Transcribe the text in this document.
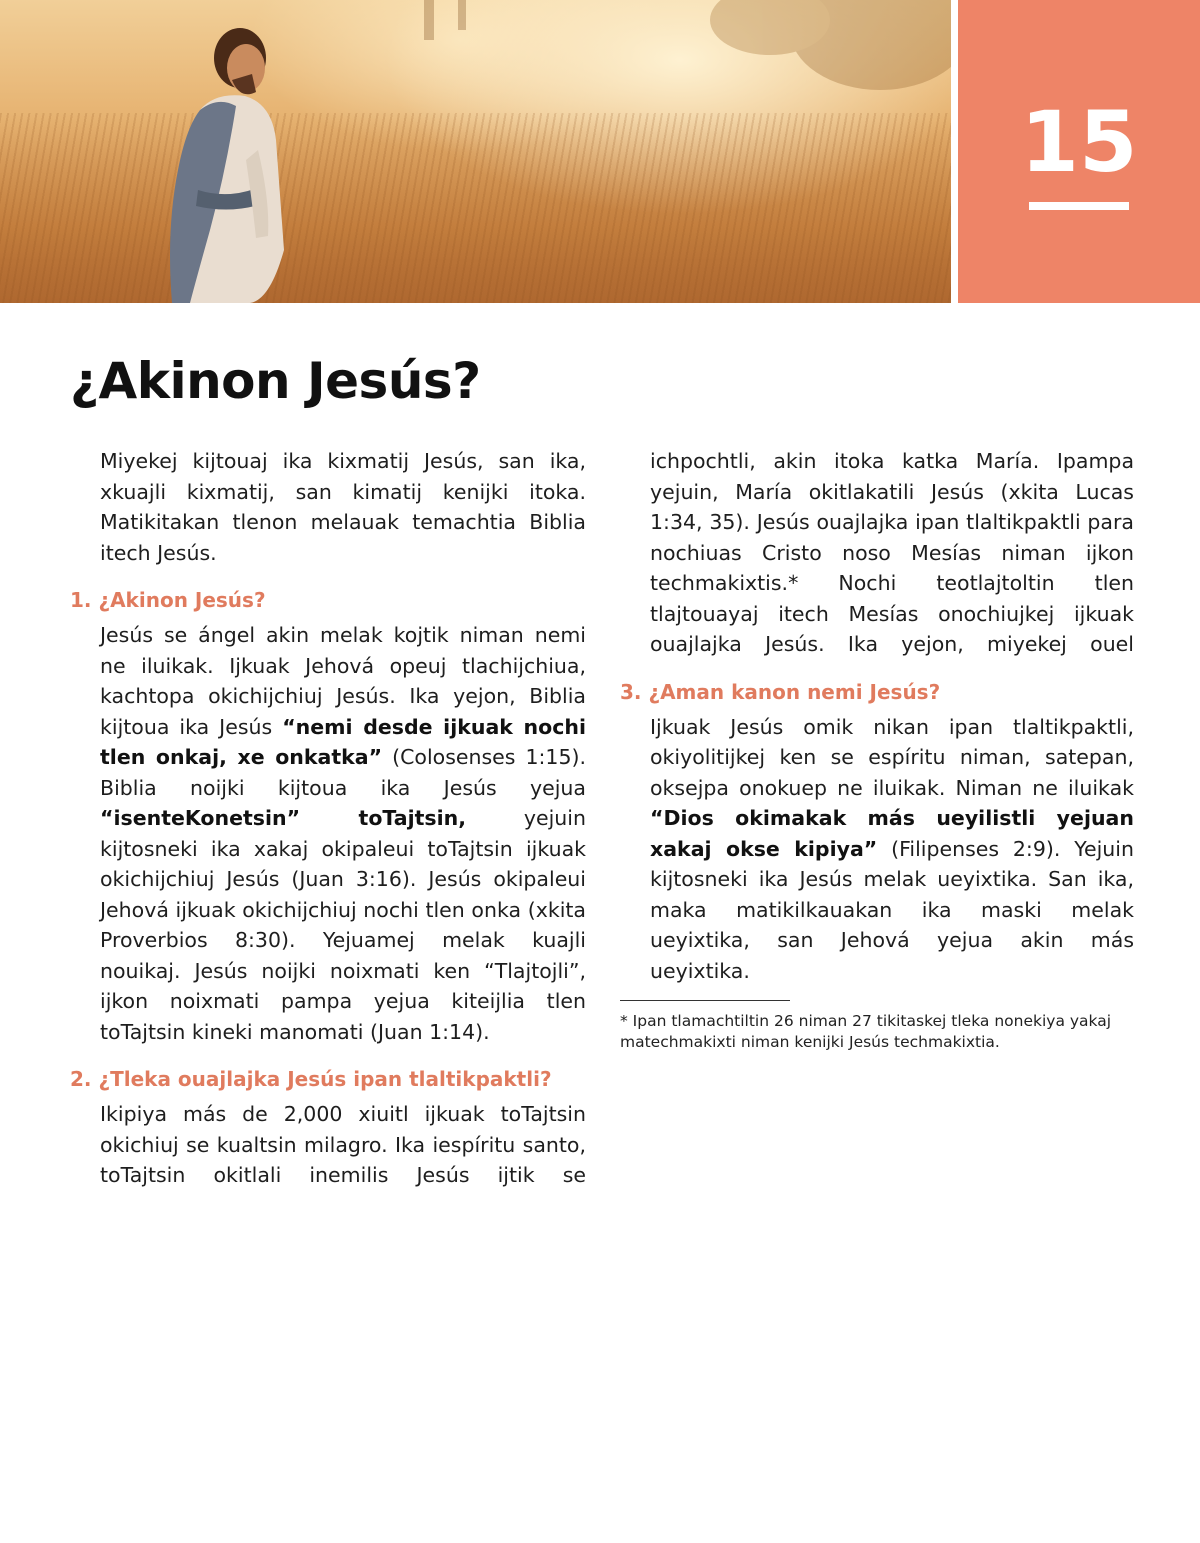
15
¿Akinon Jesús?

Miyekej kijtouaj ika kixmatij Jesús, san ika, xkuajli kixmatij, san kimatij kenijki itoka. Matikitakan tlenon melauak temachtia Biblia itech Jesús.

1. ¿Akinon Jesús?

Jesús se ángel akin melak kojtik niman nemi ne iluikak. Ijkuak Jehová opeuj tlachijchiua, kachtopa okichijchiuj Jesús. Ika yejon, Biblia kijtoua ika Jesús “nemi desde ijkuak nochi tlen onkaj, xe onkatka” (Colosenses 1:15). Biblia noijki kijtoua ika Jesús yejua “isenteKonetsin” toTajtsin, yejuin kijtosneki ika xakaj okipaleui toTajtsin ijkuak okichijchiuj Jesús (Juan 3:16). Jesús okipaleui Jehová ijkuak okichijchiuj nochi tlen onka (xkita Proverbios 8:30). Yejuamej melak kuajli nouikaj. Jesús noijki noixmati ken “Tlajtojli”, ijkon noixmati pampa yejua kiteijlia tlen toTajtsin kineki manomati (Juan 1:14).

2. ¿Tleka ouajlajka Jesús ipan tlaltikpaktli?

Ikipiya más de 2,000 xiuitl ijkuak toTajtsin okichiuj se kualtsin milagro. Ika iespíritu santo, toTajtsin okitlali inemilis Jesús ijtik se

ichpochtli, akin itoka katka María. Ipampa yejuin, María okitlakatili Jesús (xkita Lucas 1:34, 35). Jesús ouajlajka ipan tlaltikpaktli para nochiuas Cristo noso Mesías niman ijkon techmakixtis.* Nochi teotlajtoltin tlen tlajtouayaj itech Mesías onochiujkej ijkuak ouajlajka Jesús. Ika yejon, miyekej ouel

3. ¿Aman kanon nemi Jesús?

Ijkuak Jesús omik nikan ipan tlaltikpaktli, okiyolitijkej ken se espíritu niman, satepan, oksejpa onokuep ne iluikak. Niman ne iluikak “Dios okimakak más ueyilistli yejuan xakaj okse kipiya” (Filipenses 2:9). Yejuin kijtosneki ika Jesús melak ueyixtika. San ika, maka matikilkauakan ika maski melak ueyixtika, san Jehová yejua akin más ueyixtika.

* Ipan tlamachtiltin 26 niman 27 tikitaskej tleka nonekiya yakaj matechmakixti niman kenijki Jesús techmakixtia.
